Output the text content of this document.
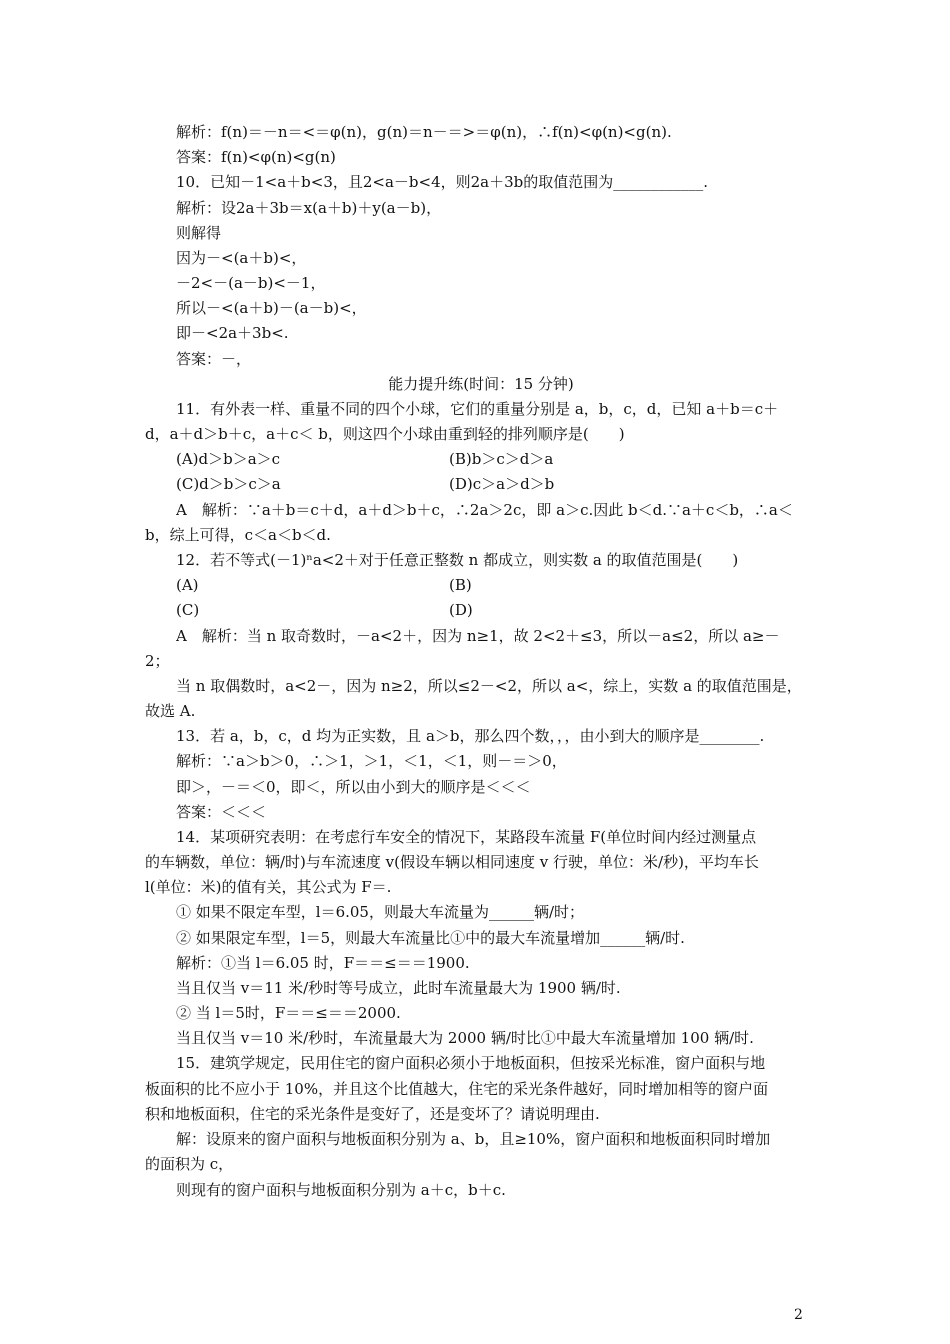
解析：f(n)＝－n＝<＝φ(n)，g(n)＝n－＝>＝φ(n)，∴f(n)<φ(n)<g(n).
答案：f(n)<φ(n)<g(n)
10．已知－1<a＋b<3，且2<a－b<4，则2a＋3b的取值范围为____________.
解析：设2a＋3b＝x(a＋b)＋y(a－b)，
则解得
因为－<(a＋b)<，
－2<－(a－b)<－1，
所以－<(a＋b)－(a－b)<，
即－<2a＋3b<.
答案：－，
能力提升练(时间：15 分钟)
11．有外表一样、重量不同的四个小球，它们的重量分别是 a，b，c，d，已知 a＋b＝c＋
d，a＋d＞b＋c，a＋c＜ b，则这四个小球由重到轻的排列顺序是(　　)
(A)d＞b＞a＞c	(B)b＞c＞d＞a
(C)d＞b＞c＞a	(D)c＞a＞d＞b
A　解析：∵a＋b＝c＋d，a＋d＞b＋c，∴2a＞2c，即 a＞c.因此 b＜d.∵a＋c＜b，∴a＜
b，综上可得，c＜a＜b＜d.
12．若不等式(－1)ⁿa<2＋对于任意正整数 n 都成立，则实数 a 的取值范围是(　　)
(A)	(B)
(C)	(D)
A　解析：当 n 取奇数时，－a<2＋，因为 n≥1，故 2<2＋≤3，所以－a≤2，所以 a≥－
2；
当 n 取偶数时，a<2－，因为 n≥2，所以≤2－<2，所以 a<，综上，实数 a 的取值范围是，
故选 A.
13．若 a，b，c，d 均为正实数，且 a＞b，那么四个数，，，由小到大的顺序是________.
解析：∵a＞b＞0，∴＞1，＞1，＜1，＜1，则－＝＞0，
即＞，－＝＜0，即＜，所以由小到大的顺序是＜＜＜
答案：＜＜＜
14．某项研究表明：在考虑行车安全的情况下，某路段车流量 F(单位时间内经过测量点
的车辆数，单位：辆/时)与车流速度 v(假设车辆以相同速度 v 行驶，单位：米/秒)，平均车长
l(单位：米)的值有关，其公式为 F＝.
① 如果不限定车型，l＝6.05，则最大车流量为______辆/时；
② 如果限定车型，l＝5，则最大车流量比①中的最大车流量增加______辆/时.
解析：①当 l＝6.05 时，F＝＝≤＝＝1900.
当且仅当 v＝11 米/秒时等号成立，此时车流量最大为 1900 辆/时.
② 当 l＝5时，F＝＝≤＝＝2000.
当且仅当 v＝10 米/秒时，车流量最大为 2000 辆/时比①中最大车流量增加 100 辆/时.
15．建筑学规定，民用住宅的窗户面积必须小于地板面积，但按采光标准，窗户面积与地
板面积的比不应小于 10%，并且这个比值越大，住宅的采光条件越好，同时增加相等的窗户面
积和地板面积，住宅的采光条件是变好了，还是变坏了？请说明理由.
解：设原来的窗户面积与地板面积分别为 a、b，且≥10%，窗户面积和地板面积同时增加
的面积为 c，
则现有的窗户面积与地板面积分别为 a＋c，b＋c.
2
